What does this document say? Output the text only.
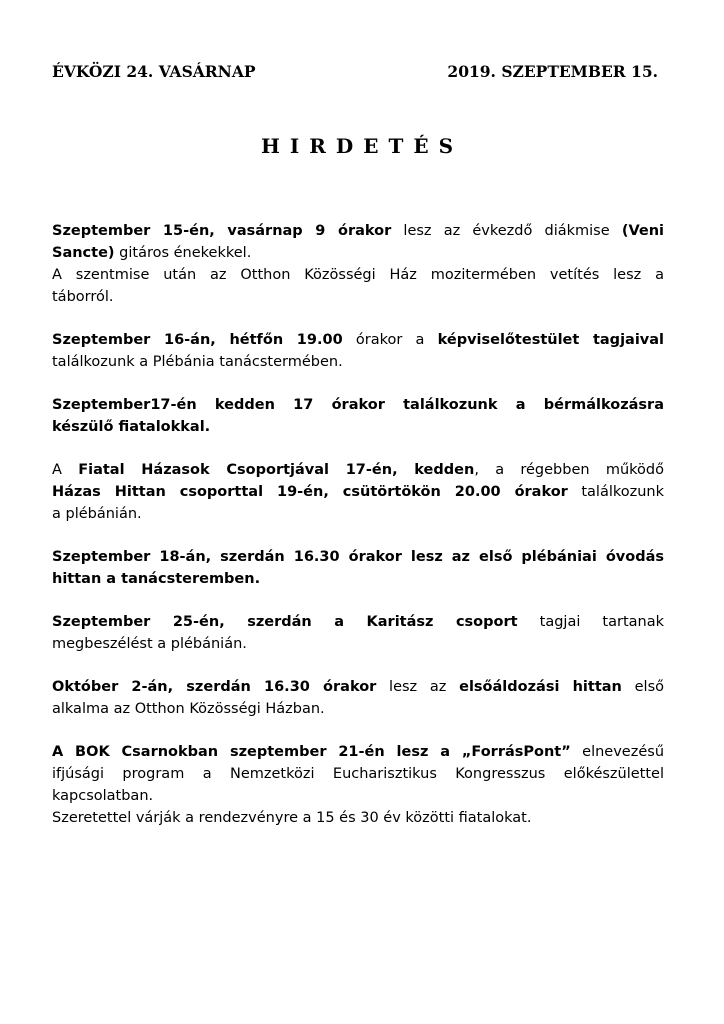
ÉVKÖZI 24. VASÁRNAP	2019. SZEPTEMBER 15.
HIRDETÉS
Szeptember 15-én, vasárnap 9 órakor lesz az évkezdő diákmise (Veni
Sancte) gitáros énekekkel.
A szentmise után az Otthon Közösségi Ház mozitermében vetítés lesz a
táborról.
Szeptember 16-án, hétfőn 19.00 órakor a képviselőtestület tagjaival
találkozunk a Plébánia tanácstermében.
Szeptember17-én kedden 17 órakor találkozunk a bérmálkozásra
készülő fiatalokkal.
A Fiatal Házasok Csoportjával 17-én, kedden, a régebben működő
Házas Hittan csoporttal 19-én, csütörtökön 20.00 órakor találkozunk
a plébánián.
Szeptember 18-án, szerdán 16.30 órakor lesz az első plébániai óvodás
hittan a tanácsteremben.
Szeptember 25-én, szerdán a Karitász csoport tagjai tartanak
megbeszélést a plébánián.
Október 2-án, szerdán 16.30 órakor lesz az elsőáldozási hittan első
alkalma az Otthon Közösségi Házban.
A BOK Csarnokban szeptember 21-én lesz a „ForrásPont” elnevezésű
ifjúsági program a Nemzetközi Eucharisztikus Kongresszus előkészülettel
kapcsolatban.
Szeretettel várják a rendezvényre a 15 és 30 év közötti fiatalokat.
